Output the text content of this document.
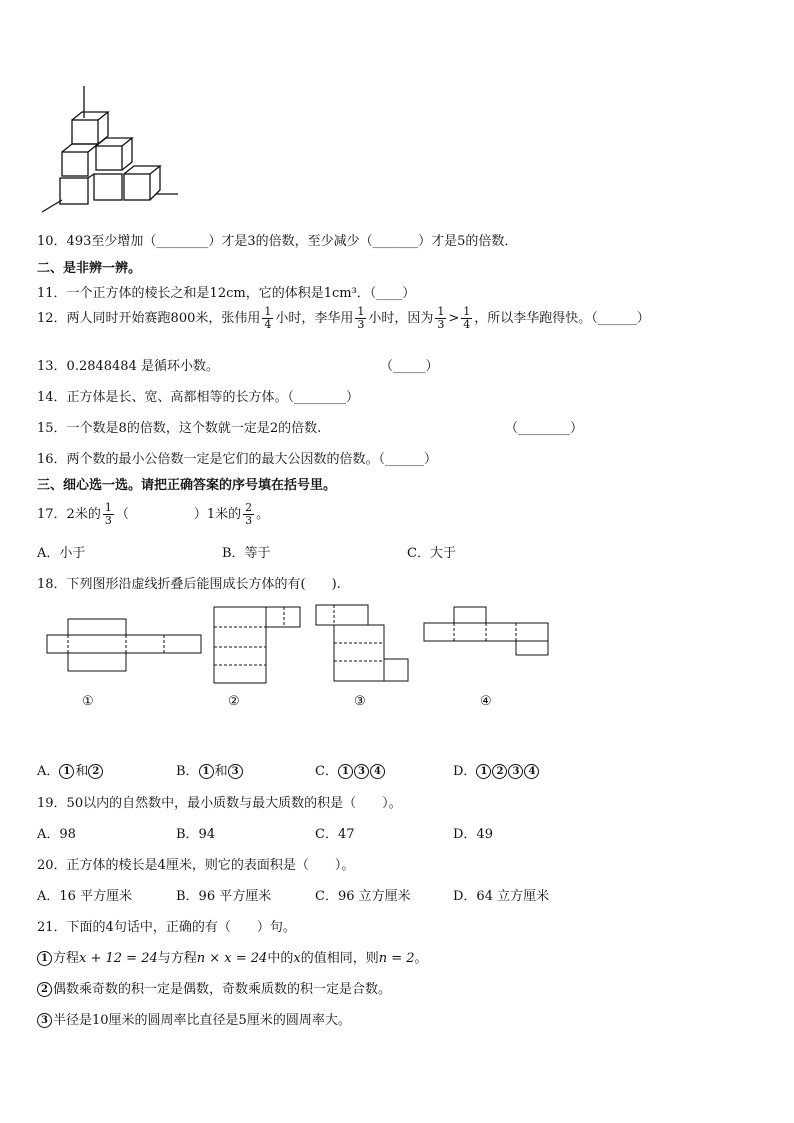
10．493至少增加（________）才是3的倍数，至少减少（_______）才是5的倍数．
二、是非辨一辨。
11．一个正方体的棱长之和是12cm，它的体积是1cm³．（____）
12．两人同时开始赛跑800米，张伟用 $\frac{1}{4}$ 小时，李华用 $\frac{1}{3}$ 小时，因为 $\frac{1}{3} > \frac{1}{4}$ ，所以李华跑得快。（______）
13．0.2848484 是循环小数。	（_____）
14．正方体是长、宽、高都相等的长方体。（________）
15．一个数是8的倍数，这个数就一定是2的倍数.	（________）
16．两个数的最小公倍数一定是它们的最大公因数的倍数。（______）
三、细心选一选。请把正确答案的序号填在括号里。
17．2米的 $\frac{1}{3}$ （　　　　　）1米的 $\frac{2}{3}$ 。
A．小于	B．等于	C．大于
18．下列图形沿虚线折叠后能围成长方体的有(　　).
①	②	③	④
A． 1 和 2	B． 1 和 3	C． 1 3 4	D． 1 2 3 4
19．50以内的自然数中，最小质数与最大质数的积是（　　）。
A．98	B．94	C．47	D．49
20．正方体的棱长是4厘米，则它的表面积是（　　）。
A．16 平方厘米	B．96 平方厘米	C．96 立方厘米	D．64 立方厘米
21．下面的4句话中，正确的有（　　）句。
1 方程x + 12 = 24与方程n × x = 24中的x的值相同，则n = 2。
2 偶数乘奇数的积一定是偶数，奇数乘质数的积一定是合数。
3 半径是10厘米的圆周率比直径是5厘米的圆周率大。
